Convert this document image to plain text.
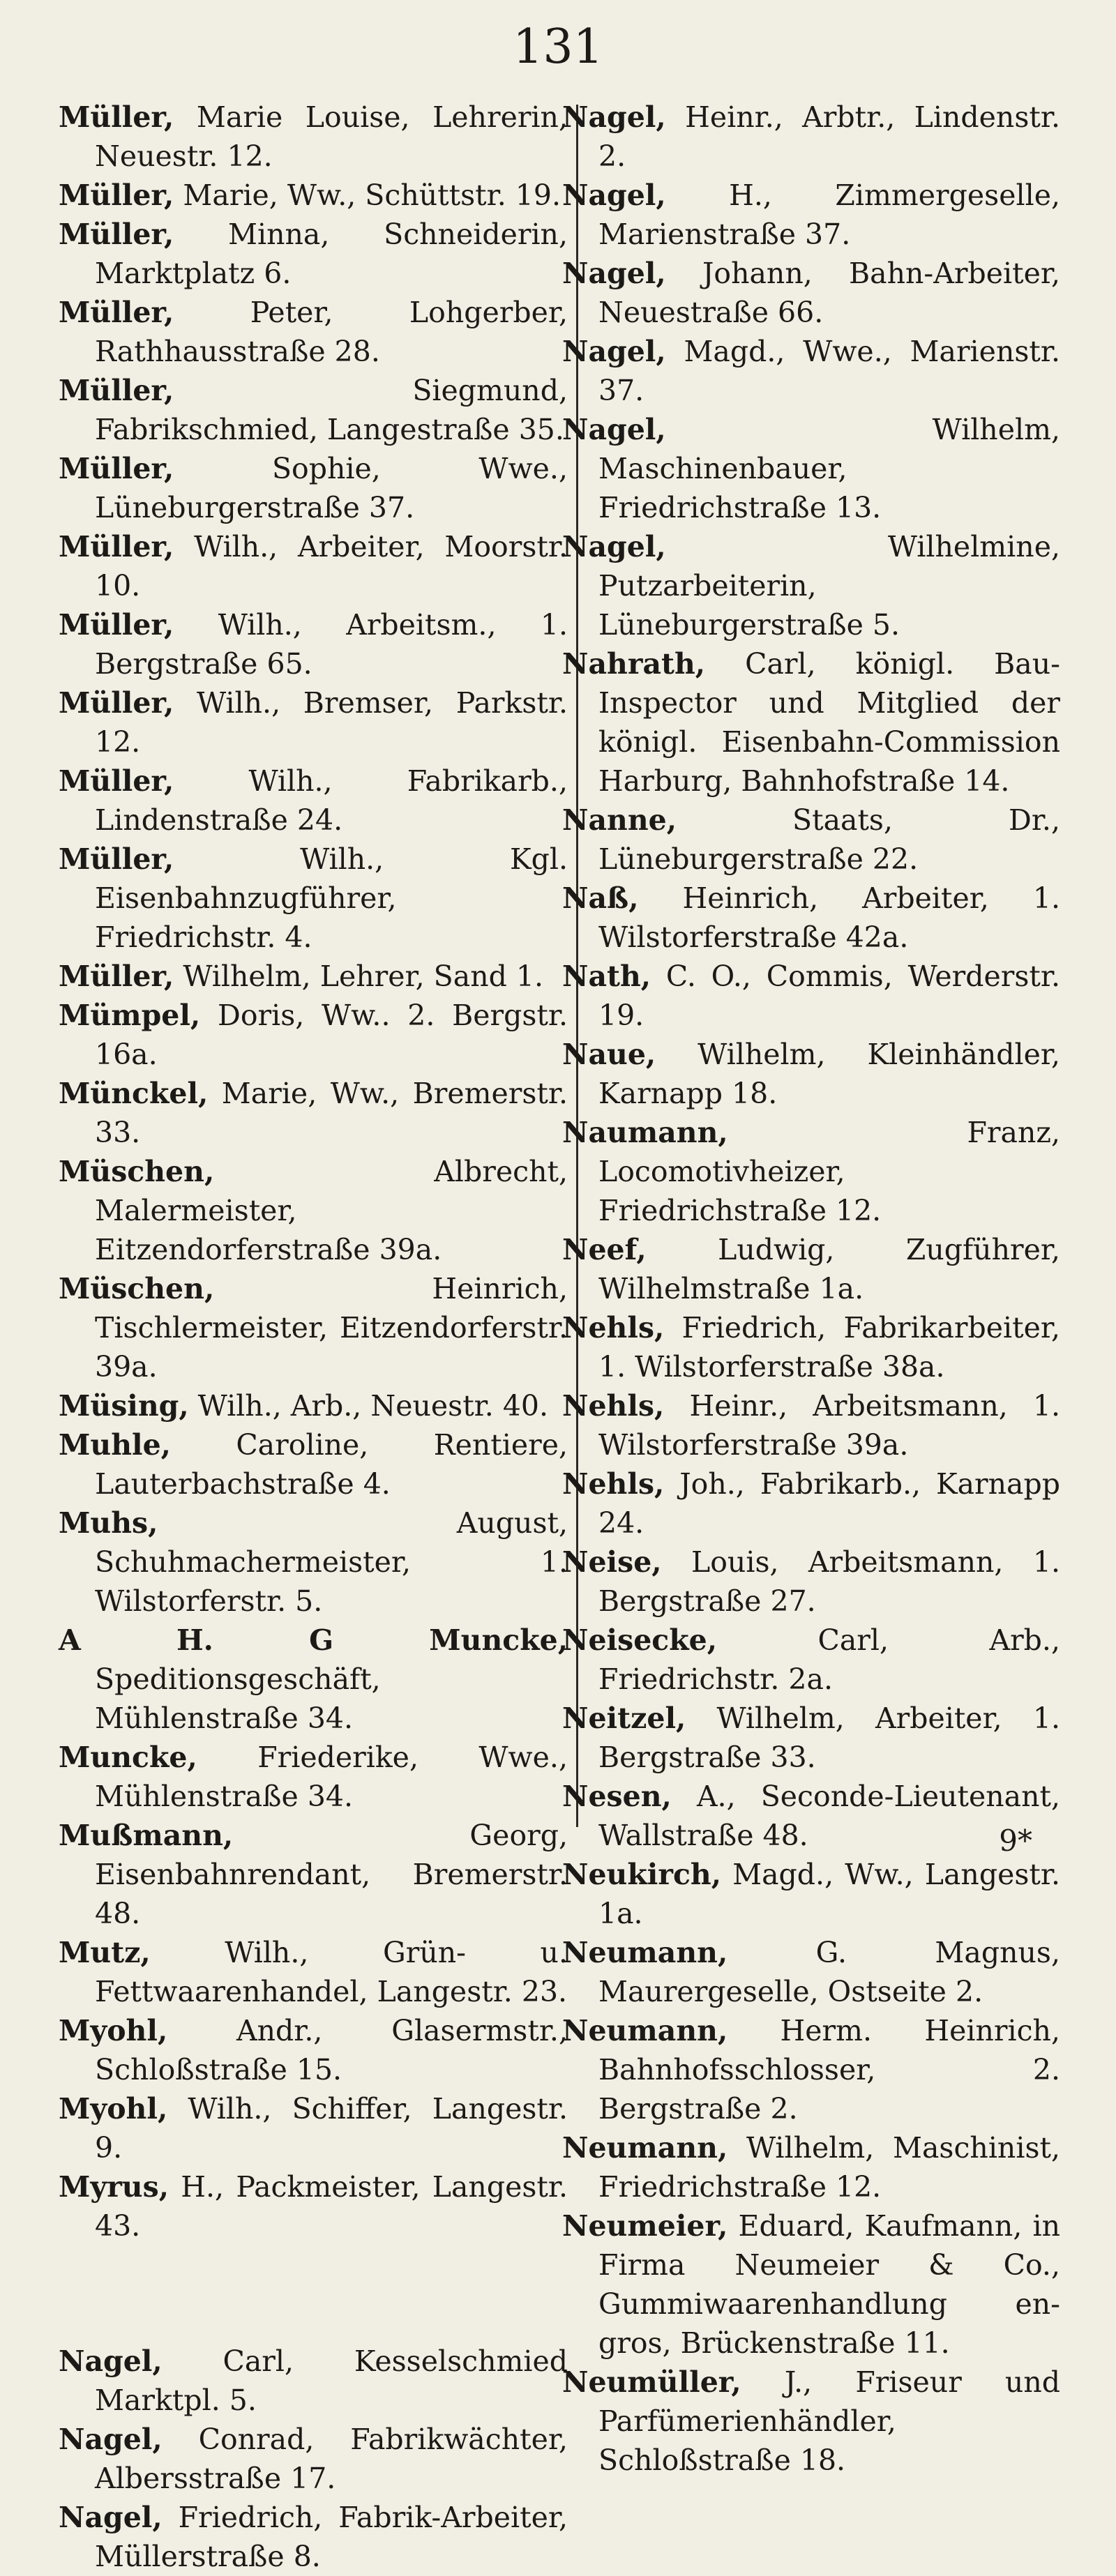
131

Müller, Marie Louise, Lehrerin, Neuestr. 12.

Müller, Marie, Ww., Schüttstr. 19.

Müller, Minna, Schneiderin, Marktplatz 6.

Müller,	Peter, Lohgerber, Rathhausstraße 28.

Müller,	Siegmund, Fabrikschmied, Langestraße 35.

Müller,	Sophie, Wwe., Lüneburgerstraße 37.

Müller, Wilh., Arbeiter, Moorstr. 10.

Müller, Wilh., Arbeitsm., 1. Bergstraße 65.

Müller, Wilh., Bremser, Parkstr. 12.

Müller,	Wilh., Fabrikarb., Lindenstraße 24.

Müller,	Wilh., Kgl. Eisenbahnzugführer, Friedrichstr. 4.

Müller, Wilhelm, Lehrer, Sand 1.

Mümpel, Doris, Ww.. 2. Bergstr. 16a.

Münckel, Marie, Ww., Bremerstr. 33.

Müschen,	Albrecht, Malermeister, Eitzendorferstraße 39a.

Müschen,	Heinrich, Tischlermeister, Eitzendorferstr. 39a.

Müsing, Wilh., Arb., Neuestr. 40.

Muhle, Caroline, Rentiere, Lauterbachstraße 4.

Muhs,	August, Schuhmachermeister, 1. Wilstorferstr. 5.

A H. G Muncke, Speditionsgeschäft, Mühlenstraße 34.

Muncke, Friederike, Wwe., Mühlenstraße 34.

Mußmann,	Georg, Eisenbahnrendant, Bremerstr. 48.

Mutz,	Wilh., Grün- u. Fettwaarenhandel, Langestr. 23.

Myohl, Andr., Glasermstr., Schloßstraße 15.

Myohl, Wilh., Schiffer, Langestr. 9.

Myrus, H., Packmeister, Langestr. 43.

Nagel, Carl, Kesselschmied Marktpl. 5.

Nagel, Conrad, Fabrikwächter, Albersstraße 17.

Nagel, Friedrich, Fabrik-Arbeiter, Müllerstraße 8.

Nagel, Heinr., Arbtr., Lindenstr. 2.

Nagel, H., Zimmergeselle, Marienstraße 37.

Nagel, Johann, Bahn-Arbeiter, Neuestraße 66.

Nagel, Magd., Wwe., Marienstr. 37.

Nagel,	Wilhelm, Maschinenbauer, Friedrichstraße 13.

Nagel,	Wilhelmine, Putzarbeiterin, Lüneburgerstraße 5.

Nahrath, Carl, königl. Bau-Inspector und Mitglied der königl. Eisenbahn-Commission Harburg, Bahnhofstraße 14.

Nanne,	Staats, Dr., Lüneburgerstraße 22.

Naß, Heinrich, Arbeiter, 1. Wilstorferstraße 42a.

Nath, C. O., Commis, Werderstr. 19.

Naue, Wilhelm, Kleinhändler, Karnapp 18.

Naumann,	Franz, Locomotivheizer, Friedrichstraße 12.

Neef, Ludwig, Zugführer, Wilhelmstraße 1a.

Nehls, Friedrich, Fabrikarbeiter, 1. Wilstorferstraße 38a.

Nehls, Heinr., Arbeitsmann, 1. Wilstorferstraße 39a.

Nehls, Joh., Fabrikarb., Karnapp 24.

Neise, Louis, Arbeitsmann, 1. Bergstraße 27.

Neisecke,	Carl, Arb., Friedrichstr. 2a.

Neitzel, Wilhelm, Arbeiter, 1. Bergstraße 33.

Nesen, A., Seconde-Lieutenant, Wallstraße 48.

Neukirch, Magd., Ww., Langestr. 1a.

Neumann,	G. Magnus, Maurergeselle, Ostseite 2.

Neumann, Herm. Heinrich, Bahnhofsschlosser, 2. Bergstraße 2.

Neumann, Wilhelm, Maschinist, Friedrichstraße 12.

Neumeier, Eduard, Kaufmann, in Firma Neumeier & Co., Gummiwaarenhandlung en-gros, Brückenstraße 11.

Neumüller, J., Friseur und Parfümerienhändler, Schloßstraße 18.

9*
